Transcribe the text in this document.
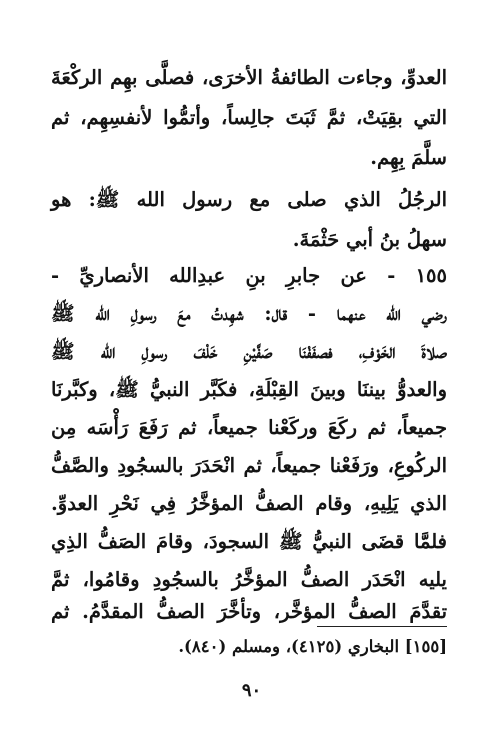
العدوِّ، وجاءت الطائفةُ الأخرَى، فصلَّى بهِم الركْعَةَ
التي بقِيَتْ، ثمَّ ثَبَتَ جالِساً، وأتمُّوا لأنفسِهِم، ثم
سلَّمَ بِهِم.
الرجُلُ الذي صلى مع رسول الله ﷺ: هو
سهلُ بنُ أبي حَثْمَةَ.
١٥٥ - عن جابرِ بنِ عبدِالله الأنصاريِّ -
رضي الله عنهما - قال: شهِدتُ معَ رسولِ الله ﷺ
صلاةَ الخَوْفِ، فصفَفْنَا صَفَّيْنِ خَلْفَ رسولِ الله ﷺ
والعدوُّ بيننَا وبينَ القِبْلَةِ، فكَبَّر النبيُّ ﷺ، وكبَّرنَا
جميعاً، ثم ركَعَ وركَعْنا جميعاً، ثم رَفَعَ رَأْسَه مِن
الركُوعِ، ورَفَعْنا جميعاً، ثم انْحَدَرَ بالسجُودِ والصَّفُّ
الذي يَلِيهِ، وقام الصفُّ المؤخَّرُ فِي نَحْرِ العدوِّ.
فلمَّا قضَى النبيُّ ﷺ السجودَ، وقامَ الصَفُّ الذِي
يليه انْحَدَر الصفُّ المؤخَّرُ بالسجُودِ وقامُوا، ثمَّ
تقدَّمَ الصفُّ المؤخَّر، وتأخَّرَ الصفُّ المقدَّمُ. ثم
[١٥٥] البخاري (٤١٢٥)، ومسلم (٨٤٠).
٩٠
